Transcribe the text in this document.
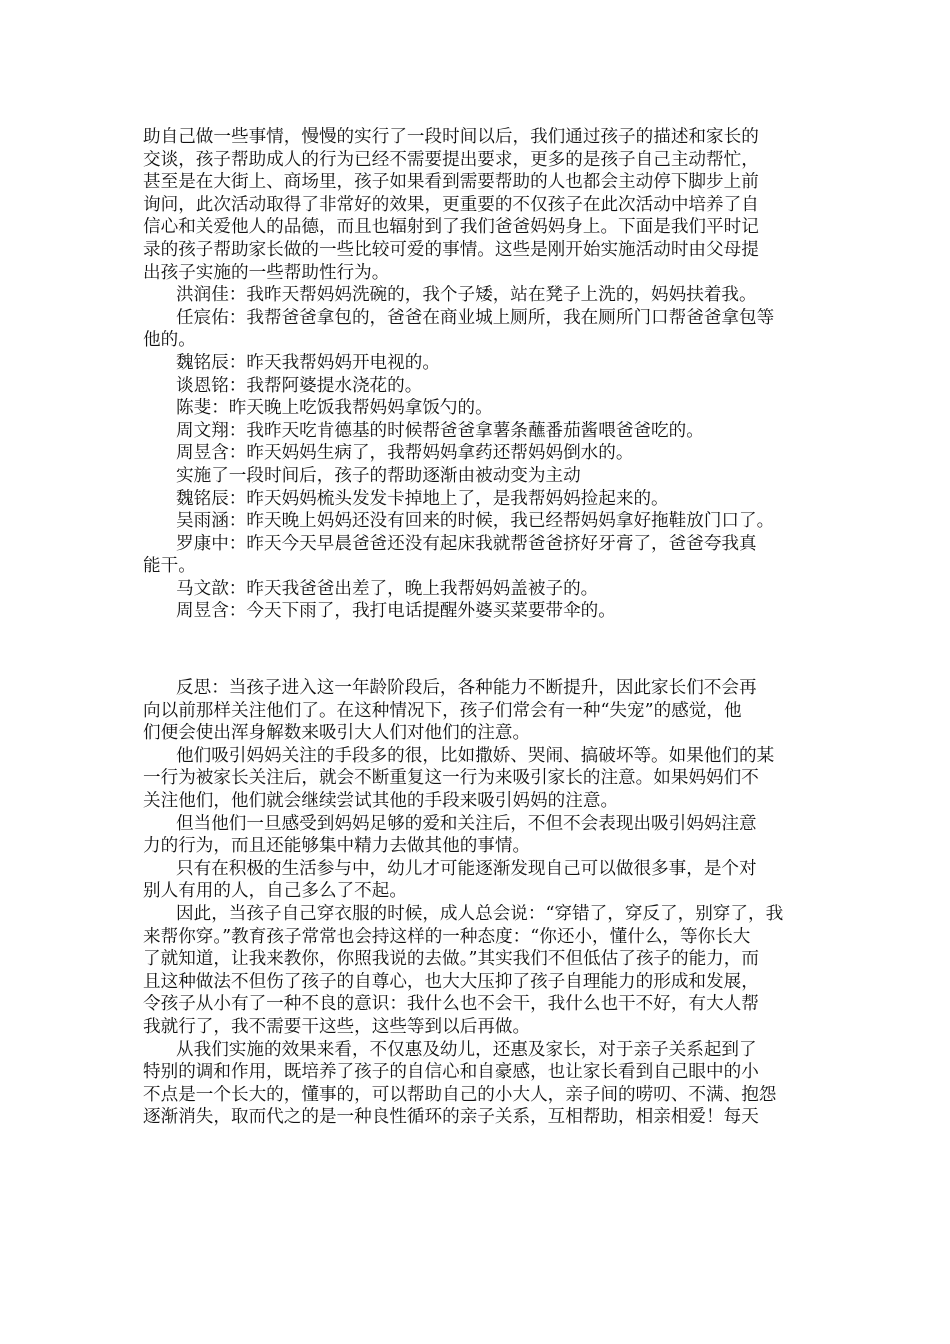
助自己做一些事情，慢慢的实行了一段时间以后，我们通过孩子的描述和家长的
交谈，孩子帮助成人的行为已经不需要提出要求，更多的是孩子自己主动帮忙，
甚至是在大街上、商场里，孩子如果看到需要帮助的人也都会主动停下脚步上前
询问，此次活动取得了非常好的效果，更重要的不仅孩子在此次活动中培养了自
信心和关爱他人的品德，而且也辐射到了我们爸爸妈妈身上。下面是我们平时记
录的孩子帮助家长做的一些比较可爱的事情。这些是刚开始实施活动时由父母提
出孩子实施的一些帮助性行为。
洪润佳：我昨天帮妈妈洗碗的，我个子矮，站在凳子上洗的，妈妈扶着我。
任宸佑：我帮爸爸拿包的，爸爸在商业城上厕所，我在厕所门口帮爸爸拿包等
他的。
魏铭辰：昨天我帮妈妈开电视的。
谈恩铭：我帮阿婆提水浇花的。
陈斐：昨天晚上吃饭我帮妈妈拿饭勺的。
周文翔：我昨天吃肯德基的时候帮爸爸拿薯条蘸番茄酱喂爸爸吃的。
周昱含：昨天妈妈生病了，我帮妈妈拿药还帮妈妈倒水的。
实施了一段时间后，孩子的帮助逐渐由被动变为主动
魏铭辰：昨天妈妈梳头发发卡掉地上了，是我帮妈妈捡起来的。
吴雨涵：昨天晚上妈妈还没有回来的时候，我已经帮妈妈拿好拖鞋放门口了。
罗康中：昨天今天早晨爸爸还没有起床我就帮爸爸挤好牙膏了，爸爸夸我真
能干。
马文歆：昨天我爸爸出差了，晚上我帮妈妈盖被子的。
周昱含：今天下雨了，我打电话提醒外婆买菜要带伞的。
反思：当孩子进入这一年龄阶段后，各种能力不断提升，因此家长们不会再
向以前那样关注他们了。在这种情况下，孩子们常会有一种“失宠”的感觉，他
们便会使出浑身解数来吸引大人们对他们的注意。
他们吸引妈妈关注的手段多的很，比如撒娇、哭闹、搞破坏等。如果他们的某
一行为被家长关注后，就会不断重复这一行为来吸引家长的注意。如果妈妈们不
关注他们，他们就会继续尝试其他的手段来吸引妈妈的注意。
但当他们一旦感受到妈妈足够的爱和关注后，不但不会表现出吸引妈妈注意
力的行为，而且还能够集中精力去做其他的事情。
只有在积极的生活参与中，幼儿才可能逐渐发现自己可以做很多事，是个对
别人有用的人，自己多么了不起。
因此，当孩子自己穿衣服的时候，成人总会说：“穿错了，穿反了，别穿了，我
来帮你穿。”教育孩子常常也会持这样的一种态度：“你还小，懂什么，等你长大
了就知道，让我来教你，你照我说的去做。”其实我们不但低估了孩子的能力，而
且这种做法不但伤了孩子的自尊心，也大大压抑了孩子自理能力的形成和发展，
令孩子从小有了一种不良的意识：我什么也不会干，我什么也干不好，有大人帮
我就行了，我不需要干这些，这些等到以后再做。
从我们实施的效果来看，不仅惠及幼儿，还惠及家长，对于亲子关系起到了
特别的调和作用，既培养了孩子的自信心和自豪感，也让家长看到自己眼中的小
不点是一个长大的，懂事的，可以帮助自己的小大人，亲子间的唠叨、不满、抱怨
逐渐消失，取而代之的是一种良性循环的亲子关系，互相帮助，相亲相爱！每天
